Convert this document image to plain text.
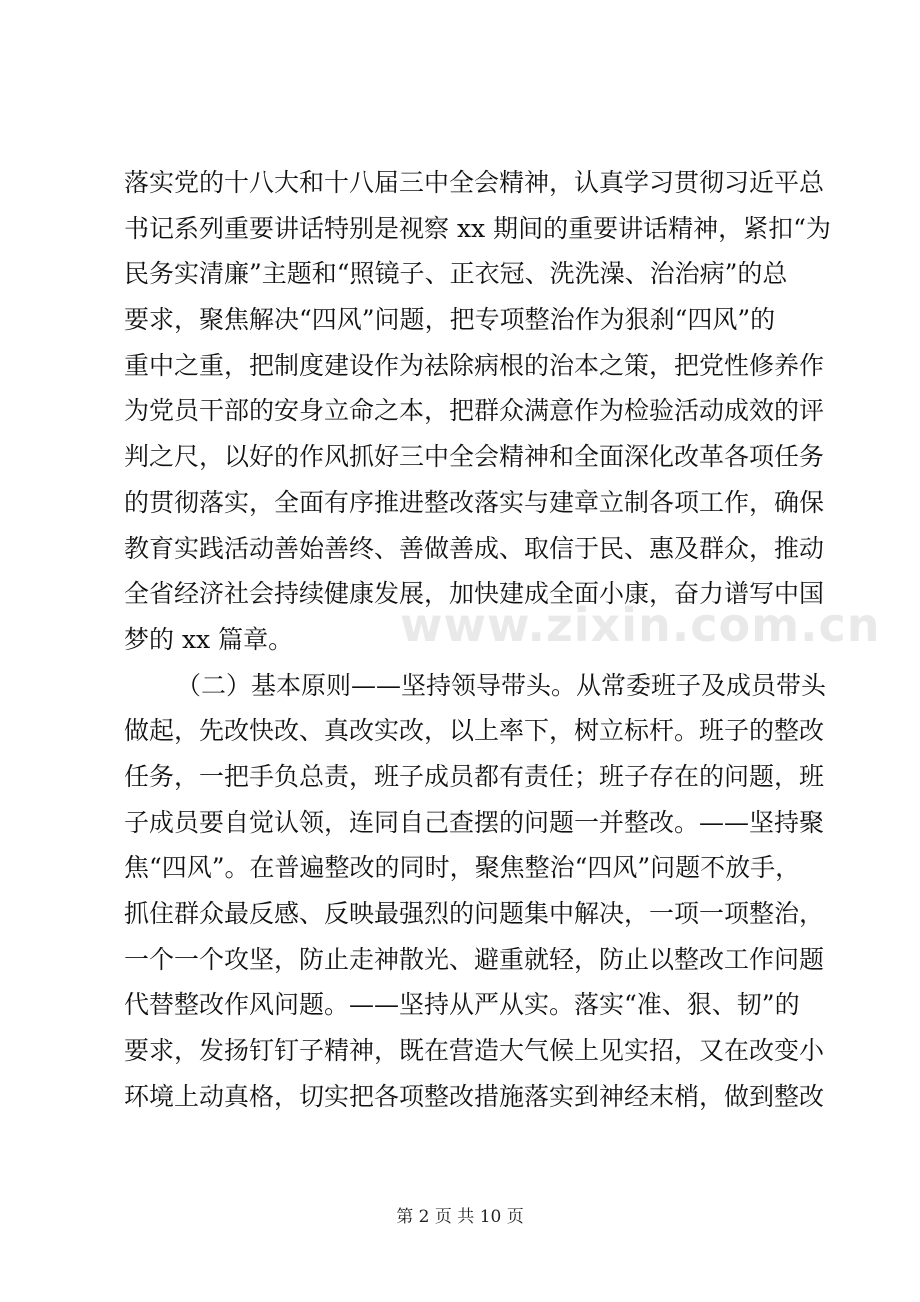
落实党的十八大和十八届三中全会精神，认真学习贯彻习近平总
书记系列重要讲话特别是视察 xx 期间的重要讲话精神，紧扣“为
民务实清廉”主题和“照镜子、正衣冠、洗洗澡、治治病”的总
要求，聚焦解决“四风”问题，把专项整治作为狠刹“四风”的
重中之重，把制度建设作为祛除病根的治本之策，把党性修养作
为党员干部的安身立命之本，把群众满意作为检验活动成效的评
判之尺，以好的作风抓好三中全会精神和全面深化改革各项任务
的贯彻落实，全面有序推进整改落实与建章立制各项工作，确保
教育实践活动善始善终、善做善成、取信于民、惠及群众，推动
全省经济社会持续健康发展，加快建成全面小康，奋力谱写中国
梦的 xx 篇章。
（二）基本原则——坚持领导带头。从常委班子及成员带头
做起，先改快改、真改实改，以上率下，树立标杆。班子的整改
任务，一把手负总责，班子成员都有责任；班子存在的问题，班
子成员要自觉认领，连同自己查摆的问题一并整改。——坚持聚
焦“四风”。在普遍整改的同时，聚焦整治“四风”问题不放手，
抓住群众最反感、反映最强烈的问题集中解决，一项一项整治，
一个一个攻坚，防止走神散光、避重就轻，防止以整改工作问题
代替整改作风问题。——坚持从严从实。落实“准、狠、韧”的
要求，发扬钉钉子精神，既在营造大气候上见实招，又在改变小
环境上动真格，切实把各项整改措施落实到神经末梢，做到整改
www.zixin.com.cn
第 2 页 共 10 页
